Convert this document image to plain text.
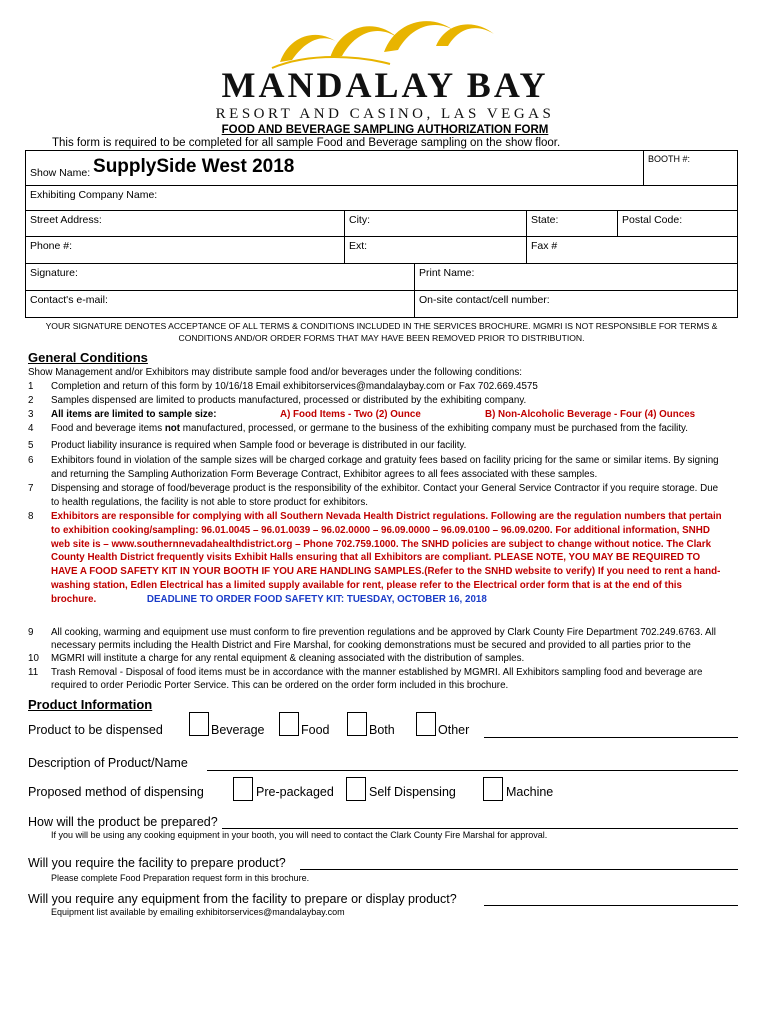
MANDALAY BAY
RESORT AND CASINO, LAS VEGAS
FOOD AND BEVERAGE SAMPLING AUTHORIZATION FORM
This form is required to be completed for all sample Food and Beverage sampling on the show floor.
Show Name: SupplySide West 2018	BOOTH #:
Exhibiting Company Name:
Street Address:	City:	State:	Postal Code:
Phone #:	Ext:	Fax #
Signature:	Print Name:
Contact's e-mail:	On-site contact/cell number:
YOUR SIGNATURE DENOTES ACCEPTANCE OF ALL TERMS & CONDITIONS INCLUDED IN THE SERVICES BROCHURE. MGMRI IS NOT RESPONSIBLE FOR TERMS & CONDITIONS AND/OR ORDER FORMS THAT MAY HAVE BEEN REMOVED PRIOR TO DISTRIBUTION.
General Conditions
Show Management and/or Exhibitors may distribute sample food and/or beverages under the following conditions:
1 Completion and return of this form by 10/16/18 Email exhibitorservices@mandalaybay.com or Fax 702.669.4575
2 Samples dispensed are limited to products manufactured, processed or distributed by the exhibiting company.
3 All items are limited to sample size:	A) Food Items - Two (2) Ounce	B) Non-Alcoholic Beverage - Four (4) Ounces
4 Food and beverage items not manufactured, processed, or germane to the business of the exhibiting company must be purchased from the facility.
5 Product liability insurance is required when Sample food or beverage is distributed in our facility.
6 Exhibitors found in violation of the sample sizes will be charged corkage and gratuity fees based on facility pricing for the same or similar items. By signing and returning the Sampling Authorization Form Beverage Contract, Exhibitor agrees to all fees associated with these samples.
7 Dispensing and storage of food/beverage product is the responsibility of the exhibitor. Contact your General Service Contractor if you require storage. Due to health regulations, the facility is not able to store product for exhibitors.
8 Exhibitors are responsible for complying with all Southern Nevada Health District regulations. Following are the regulation numbers that pertain to exhibition cooking/sampling: 96.01.0045 – 96.01.0039 – 96.02.0000 – 96.09.0000 – 96.09.0100 – 96.09.0200. For additional information, SNHD web site is – www.southernnevadahealthdistrict.org – Phone 702.759.1000. The SNHD policies are subject to change without notice. The Clark County Health District frequently visits Exhibit Halls ensuring that all Exhibitors are compliant. PLEASE NOTE, YOU MAY BE REQUIRED TO HAVE A FOOD SAFETY KIT IN YOUR BOOTH IF YOU ARE HANDLING SAMPLES.(Refer to the SNHD website to verify) If you need to rent a hand-washing station, Edlen Electrical has a limited supply available for rent, please refer to the Electrical order form that is at the end of this brochure.	DEADLINE TO ORDER FOOD SAFETY KIT: TUESDAY, OCTOBER 16, 2018
9 All cooking, warming and equipment use must conform to fire prevention regulations and be approved by Clark County Fire Department 702.249.6763. All necessary permits including the Health District and Fire Marshal, for cooking demonstrations must be secured and provided to all parties prior to the
10 MGMRI will institute a charge for any rental equipment & cleaning associated with the distribution of samples.
11 Trash Removal - Disposal of food items must be in accordance with the manner established by MGMRI. All Exhibitors sampling food and beverage are required to order Periodic Porter Service. This can be ordered on the order form included in this brochure.
Product Information
Product to be dispensed	Beverage	Food	Both	Other
Description of Product/Name
Proposed method of dispensing	Pre-packaged	Self Dispensing	Machine
How will the product be prepared?
If you will be using any cooking equipment in your booth, you will need to contact the Clark County Fire Marshal for approval.
Will you require the facility to prepare product?
Please complete Food Preparation request form in this brochure.
Will you require any equipment from the facility to prepare or display product?
Equipment list available by emailing exhibitorservices@mandalaybay.com
